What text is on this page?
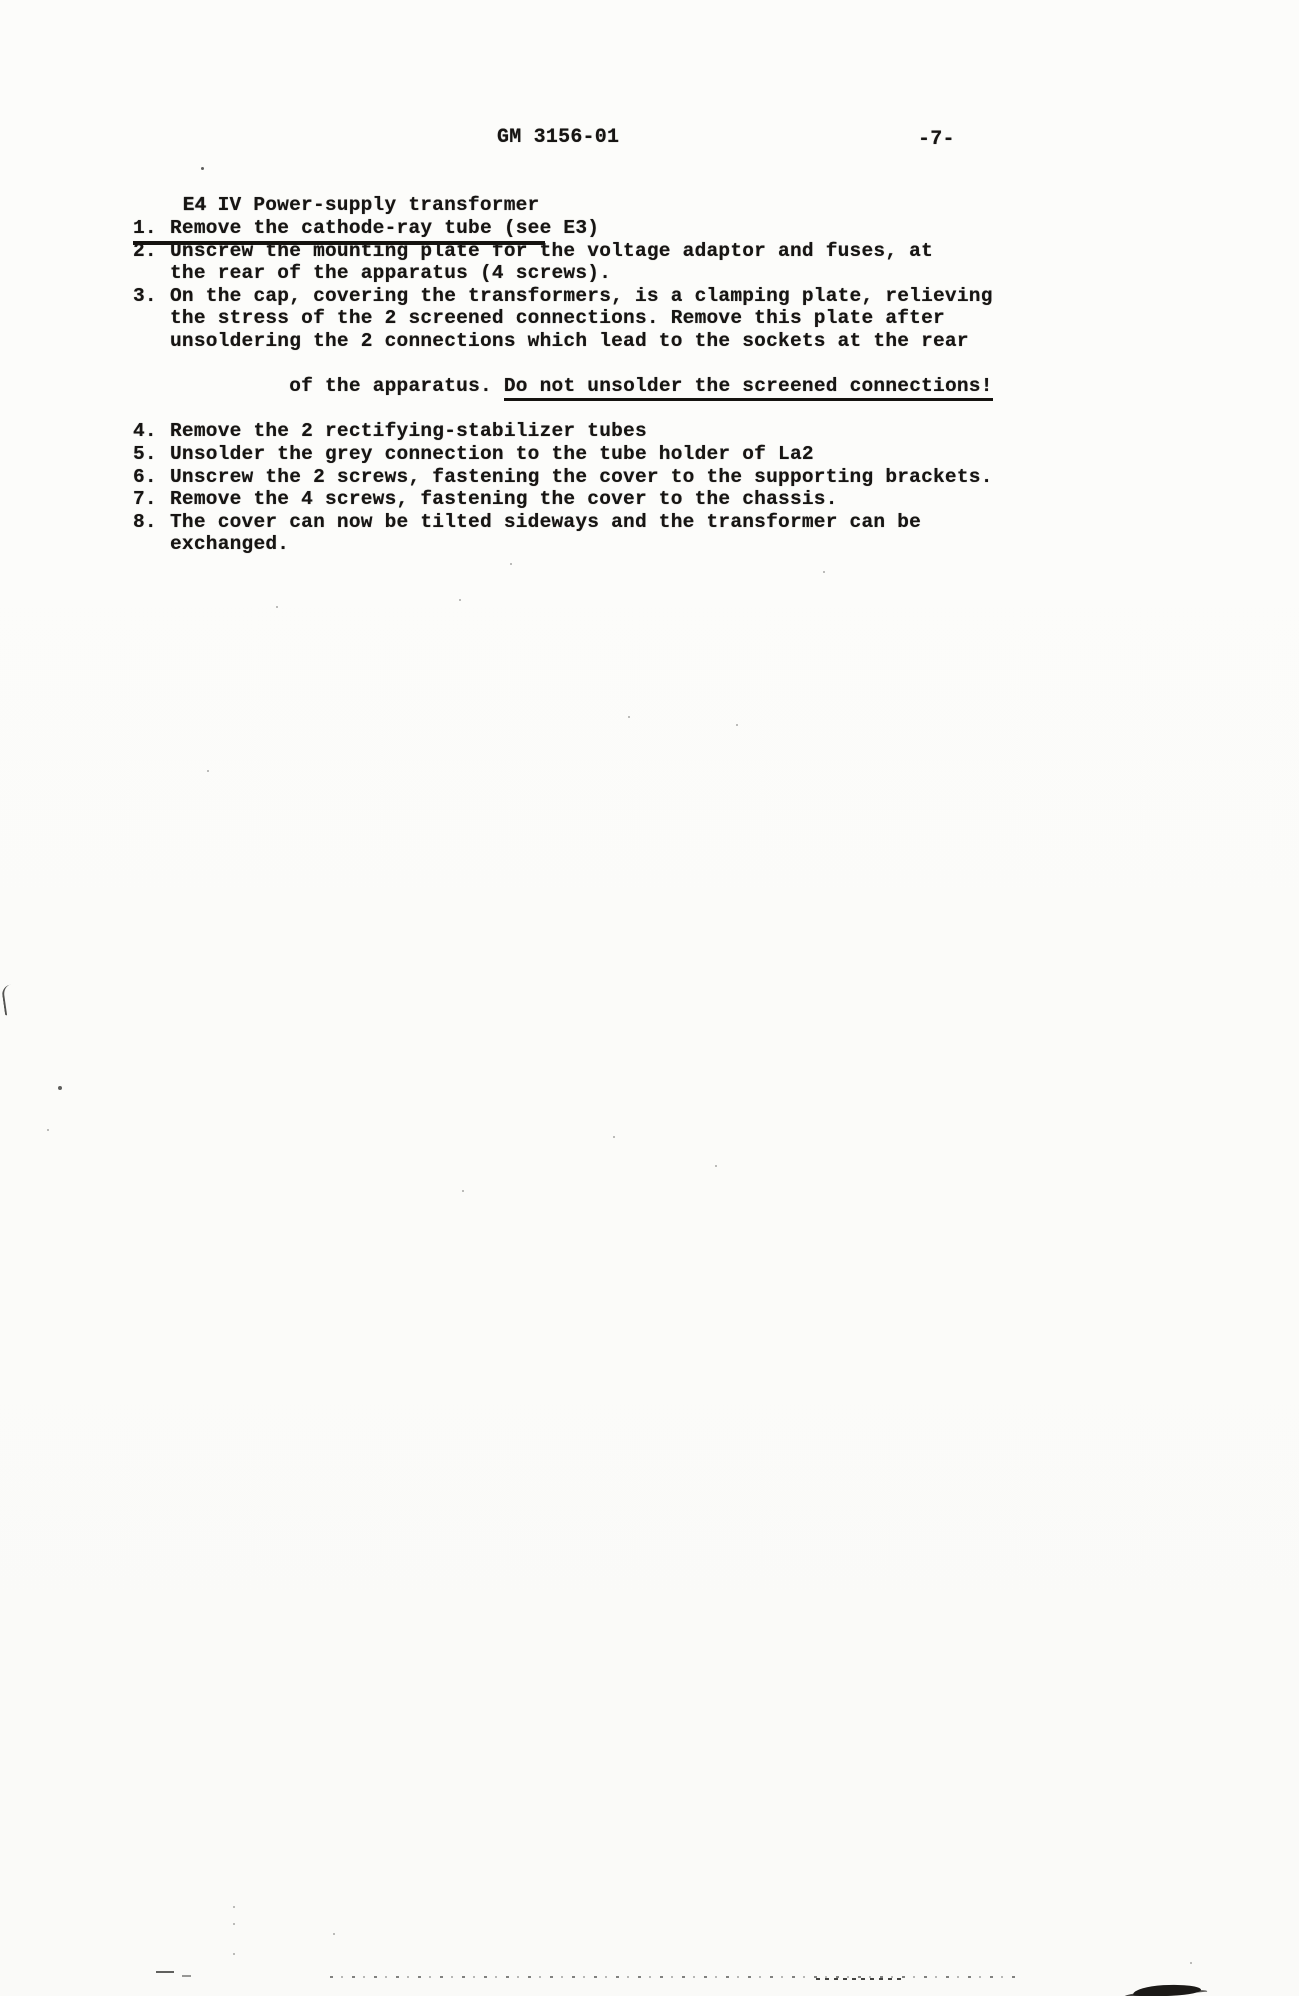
GM 3156-01	-7-

E4 IV Power-supply transformer

1. Remove the cathode-ray tube (see E3)
2. Unscrew the mounting plate for the voltage adaptor and fuses, at
the rear of the apparatus (4 screws).
3. On the cap, covering the transformers, is a clamping plate, relieving
the stress of the 2 screened connections. Remove this plate after
unsoldering the 2 connections which lead to the sockets at the rear

of the apparatus. Do not unsolder the screened connections!

4. Remove the 2 rectifying-stabilizer tubes
5. Unsolder the grey connection to the tube holder of La2
6. Unscrew the 2 screws, fastening the cover to the supporting brackets.
7. Remove the 4 screws, fastening the cover to the chassis.
8. The cover can now be tilted sideways and the transformer can be
exchanged.
